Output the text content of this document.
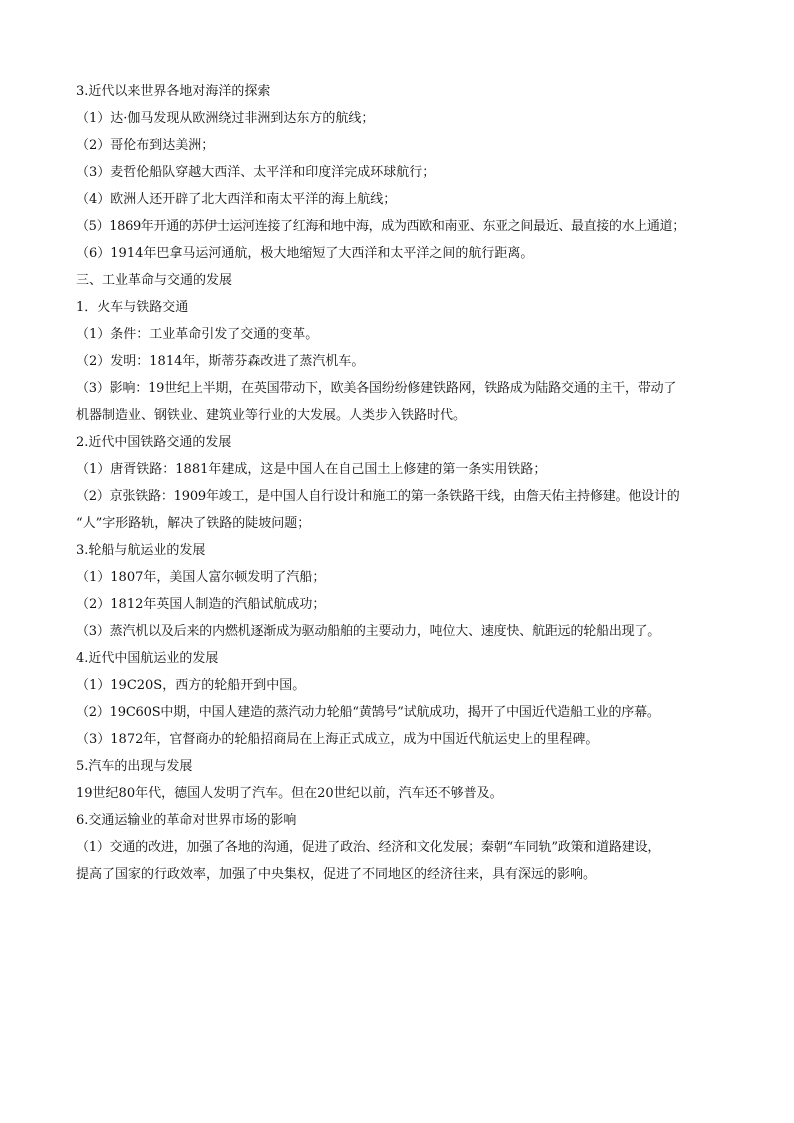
3.近代以来世界各地对海洋的探索
（1）达·伽马发现从欧洲绕过非洲到达东方的航线；
（2）哥伦布到达美洲；
（3）麦哲伦船队穿越大西洋、太平洋和印度洋完成环球航行；
（4）欧洲人还开辟了北大西洋和南太平洋的海上航线；
（5）1869年开通的苏伊士运河连接了红海和地中海，成为西欧和南亚、东亚之间最近、最直接的水上通道；
（6）1914年巴拿马运河通航，极大地缩短了大西洋和太平洋之间的航行距离。
三、工业革命与交通的发展
1．火车与铁路交通
（1）条件：工业革命引发了交通的变革。
（2）发明：1814年，斯蒂芬森改进了蒸汽机车。
（3）影响：19世纪上半期，在英国带动下，欧美各国纷纷修建铁路网，铁路成为陆路交通的主干，带动了
机器制造业、钢铁业、建筑业等行业的大发展。人类步入铁路时代。
2.近代中国铁路交通的发展
（1）唐胥铁路：1881年建成，这是中国人在自己国土上修建的第一条实用铁路；
（2）京张铁路：1909年竣工，是中国人自行设计和施工的第一条铁路干线，由詹天佑主持修建。他设计的
“人”字形路轨，解决了铁路的陡坡问题；
3.轮船与航运业的发展
（1）1807年，美国人富尔顿发明了汽船；
（2）1812年英国人制造的汽船试航成功；
（3）蒸汽机以及后来的内燃机逐渐成为驱动船舶的主要动力，吨位大、速度快、航距远的轮船出现了。
4.近代中国航运业的发展
（1）19C20S，西方的轮船开到中国。
（2）19C60S中期，中国人建造的蒸汽动力轮船“黄鹄号”试航成功，揭开了中国近代造船工业的序幕。
（3）1872年，官督商办的轮船招商局在上海正式成立，成为中国近代航运史上的里程碑。
5.汽车的出现与发展
19世纪80年代，德国人发明了汽车。但在20世纪以前，汽车还不够普及。
6.交通运输业的革命对世界市场的影响
（1）交通的改进，加强了各地的沟通，促进了政治、经济和文化发展；秦朝“车同轨”政策和道路建设，
提高了国家的行政效率，加强了中央集权，促进了不同地区的经济往来，具有深远的影响。
